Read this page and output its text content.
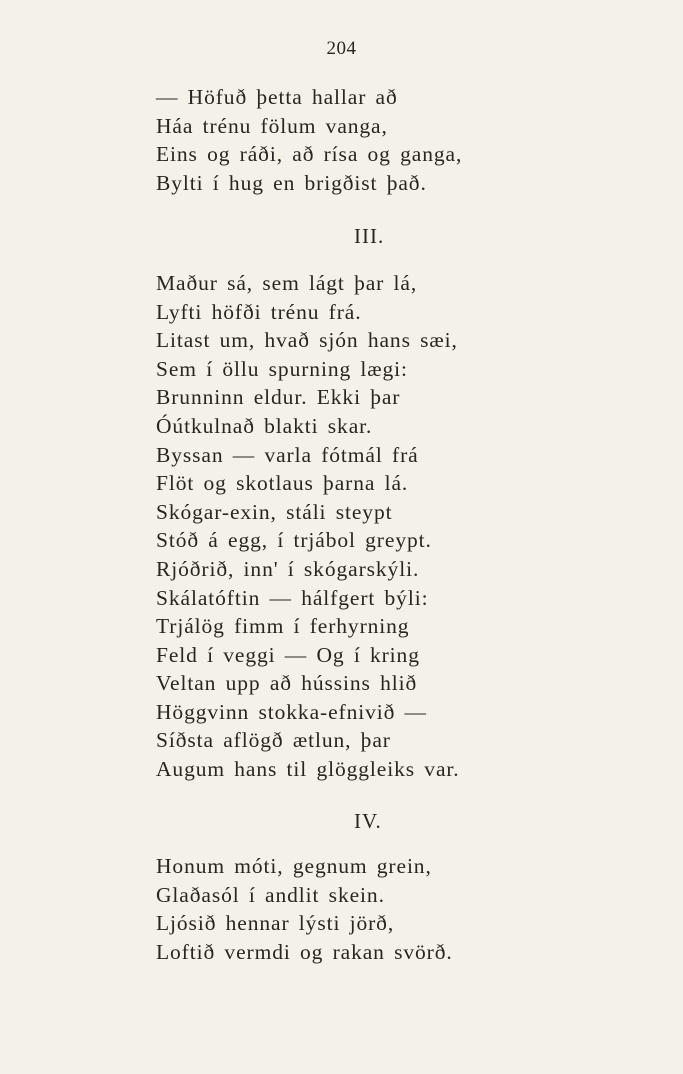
204
— Höfuð þetta hallar að
Háa trénu fölum vanga,
Eins og ráði, að rísa og ganga,
Bylti í hug en brigðist það.
III.
Maður sá, sem lágt þar lá,
Lyfti höfði trénu frá.
Litast um, hvað sjón hans sæi,
Sem í öllu spurning lægi:
Brunninn eldur. Ekki þar
Óútkulnað blakti skar.
Byssan — varla fótmál frá
Flöt og skotlaus þarna lá.
Skógar-exin, stáli steypt
Stóð á egg, í trjábol greypt.
Rjóðrið, inn' í skógarskýli.
Skálatóftin — hálfgert býli:
Trjálög fimm í ferhyrning
Feld í veggi — Og í kring
Veltan upp að hússins hlið
Höggvinn stokka-efnivið —
Síðsta aflögð ætlun, þar
Augum hans til glöggleiks var.
IV.
Honum móti, gegnum grein,
Glaðasól í andlit skein.
Ljósið hennar lýsti jörð,
Loftið vermdi og rakan svörð.
